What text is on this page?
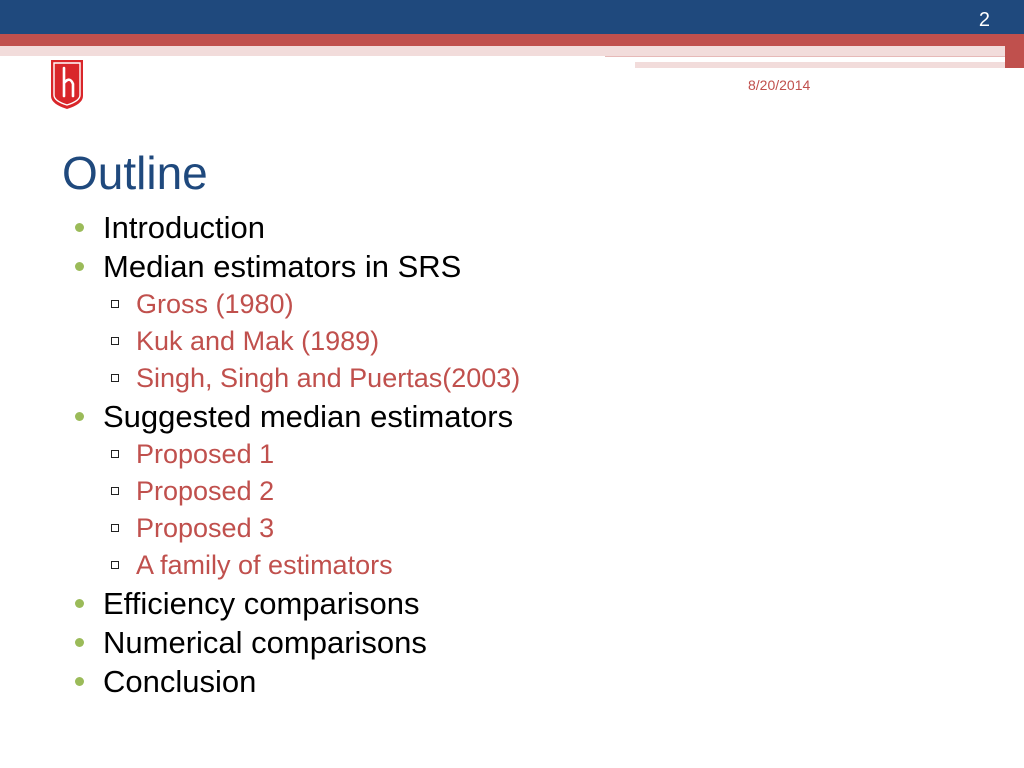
2
8/20/2014
Outline
Introduction
Median estimators in SRS
Gross (1980)
Kuk and Mak (1989)
Singh, Singh and Puertas(2003)
Suggested median estimators
Proposed 1
Proposed 2
Proposed 3
A family of estimators
Efficiency comparisons
Numerical comparisons
Conclusion
